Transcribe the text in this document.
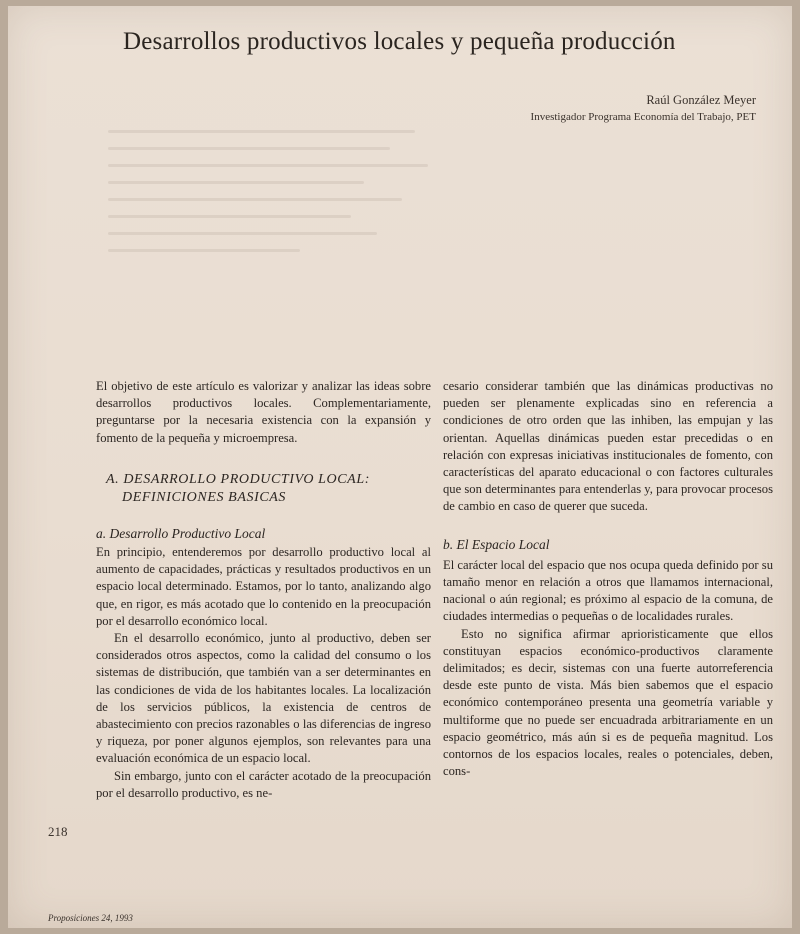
Desarrollos productivos locales y pequeña producción
Raúl González Meyer
Investigador Programa Economía del Trabajo, PET

El objetivo de este artículo es valorizar y analizar las ideas sobre desarrollos productivos locales. Complementariamente, preguntarse por la necesaria existencia con la expansión y fomento de la pequeña y microempresa.

A. DESARROLLO PRODUCTIVO LOCAL:
DEFINICIONES BASICAS
a. Desarrollo Productivo Local

En principio, entenderemos por desarrollo productivo local al aumento de capacidades, prácticas y resultados productivos en un espacio local determinado. Estamos, por lo tanto, analizando algo que, en rigor, es más acotado que lo contenido en la preocupación por el desarrollo económico local.

En el desarrollo económico, junto al productivo, deben ser considerados otros aspectos, como la calidad del consumo o los sistemas de distribución, que también van a ser determinantes en las condiciones de vida de los habitantes locales. La localización de los servicios públicos, la existencia de centros de abastecimiento con precios razonables o las diferencias de ingreso y riqueza, por poner algunos ejemplos, son relevantes para una evaluación económica de un espacio local.

Sin embargo, junto con el carácter acotado de la preocupación por el desarrollo productivo, es ne-

cesario considerar también que las dinámicas productivas no pueden ser plenamente explicadas sino en referencia a condiciones de otro orden que las inhiben, las empujan y las orientan. Aquellas dinámicas pueden estar precedidas o en relación con expresas iniciativas institucionales de fomento, con características del aparato educacional o con factores culturales que son determinantes para entenderlas y, para provocar procesos de cambio en caso de querer que suceda.

b. El Espacio Local

El carácter local del espacio que nos ocupa queda definido por su tamaño menor en relación a otros que llamamos internacional, nacional o aún regional; es próximo al espacio de la comuna, de ciudades intermedias o pequeñas o de localidades rurales.

Esto no significa afirmar aprioristicamente que ellos constituyan espacios económico-productivos claramente delimitados; es decir, sistemas con una fuerte autorreferencia desde este punto de vista. Más bien sabemos que el espacio económico contemporáneo presenta una geometría variable y multiforme que no puede ser encuadrada arbitrariamente en un espacio geométrico, más aún si es de pequeña magnitud. Los contornos de los espacios locales, reales o potenciales, deben, cons-

218
Proposiciones 24, 1993
